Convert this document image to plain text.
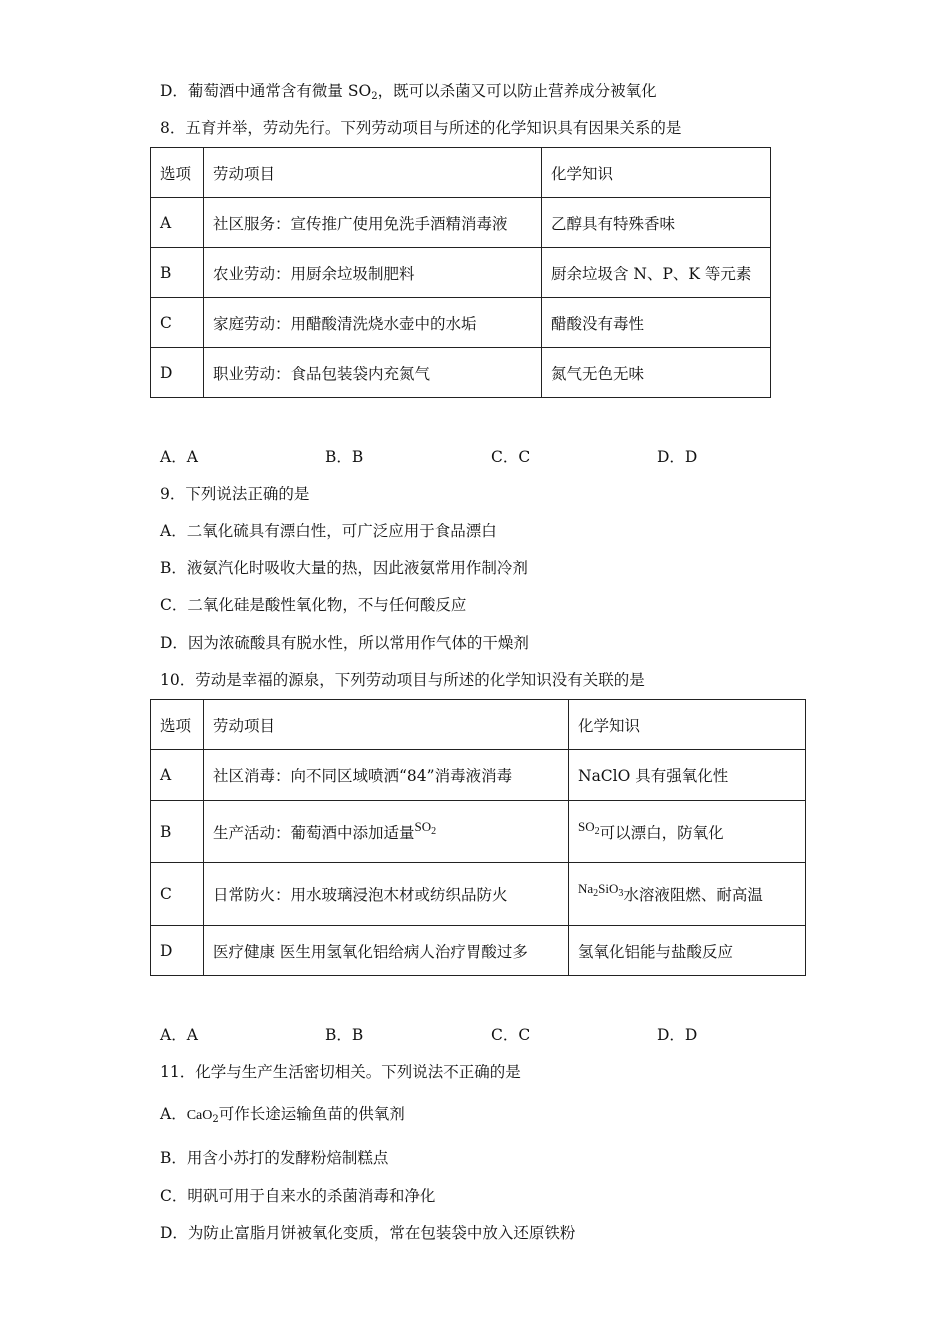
D．葡萄酒中通常含有微量 $SO_2$，既可以杀菌又可以防止营养成分被氧化
8．五育并举，劳动先行。下列劳动项目与所述的化学知识具有因果关系的是
选项	劳动项目	化学知识
A	社区服务：宣传推广使用免洗手酒精消毒液	乙醇具有特殊香味
B	农业劳动：用厨余垃圾制肥料	厨余垃圾含 N、P、K 等元素
C	家庭劳动：用醋酸清洗烧水壶中的水垢	醋酸没有毒性
D	职业劳动：食品包装袋内充氮气	氮气无色无味
A．A	B．B	C．C	D．D
9．下列说法正确的是
A．二氧化硫具有漂白性，可广泛应用于食品漂白
B．液氨汽化时吸收大量的热，因此液氨常用作制冷剂
C．二氧化硅是酸性氧化物，不与任何酸反应
D．因为浓硫酸具有脱水性，所以常用作气体的干燥剂
10．劳动是幸福的源泉，下列劳动项目与所述的化学知识没有关联的是
选项	劳动项目	化学知识
A	社区消毒：向不同区域喷洒“84”消毒液消毒	NaClO 具有强氧化性
B	生产活动：葡萄酒中添加适量$^{SO_2}$	$^{SO_2}$可以漂白，防氧化
C	日常防火：用水玻璃浸泡木材或纺织品防火	$^{Na_2SiO_3}$水溶液阻燃、耐高温
D	医疗健康 医生用氢氧化铝给病人治疗胃酸过多	氢氧化铝能与盐酸反应
A．A	B．B	C．C	D．D
11．化学与生产生活密切相关。下列说法不正确的是
A．CaO$_2$可作长途运输鱼苗的供氧剂
B．用含小苏打的发酵粉焙制糕点
C．明矾可用于自来水的杀菌消毒和净化
D．为防止富脂月饼被氧化变质，常在包装袋中放入还原铁粉
